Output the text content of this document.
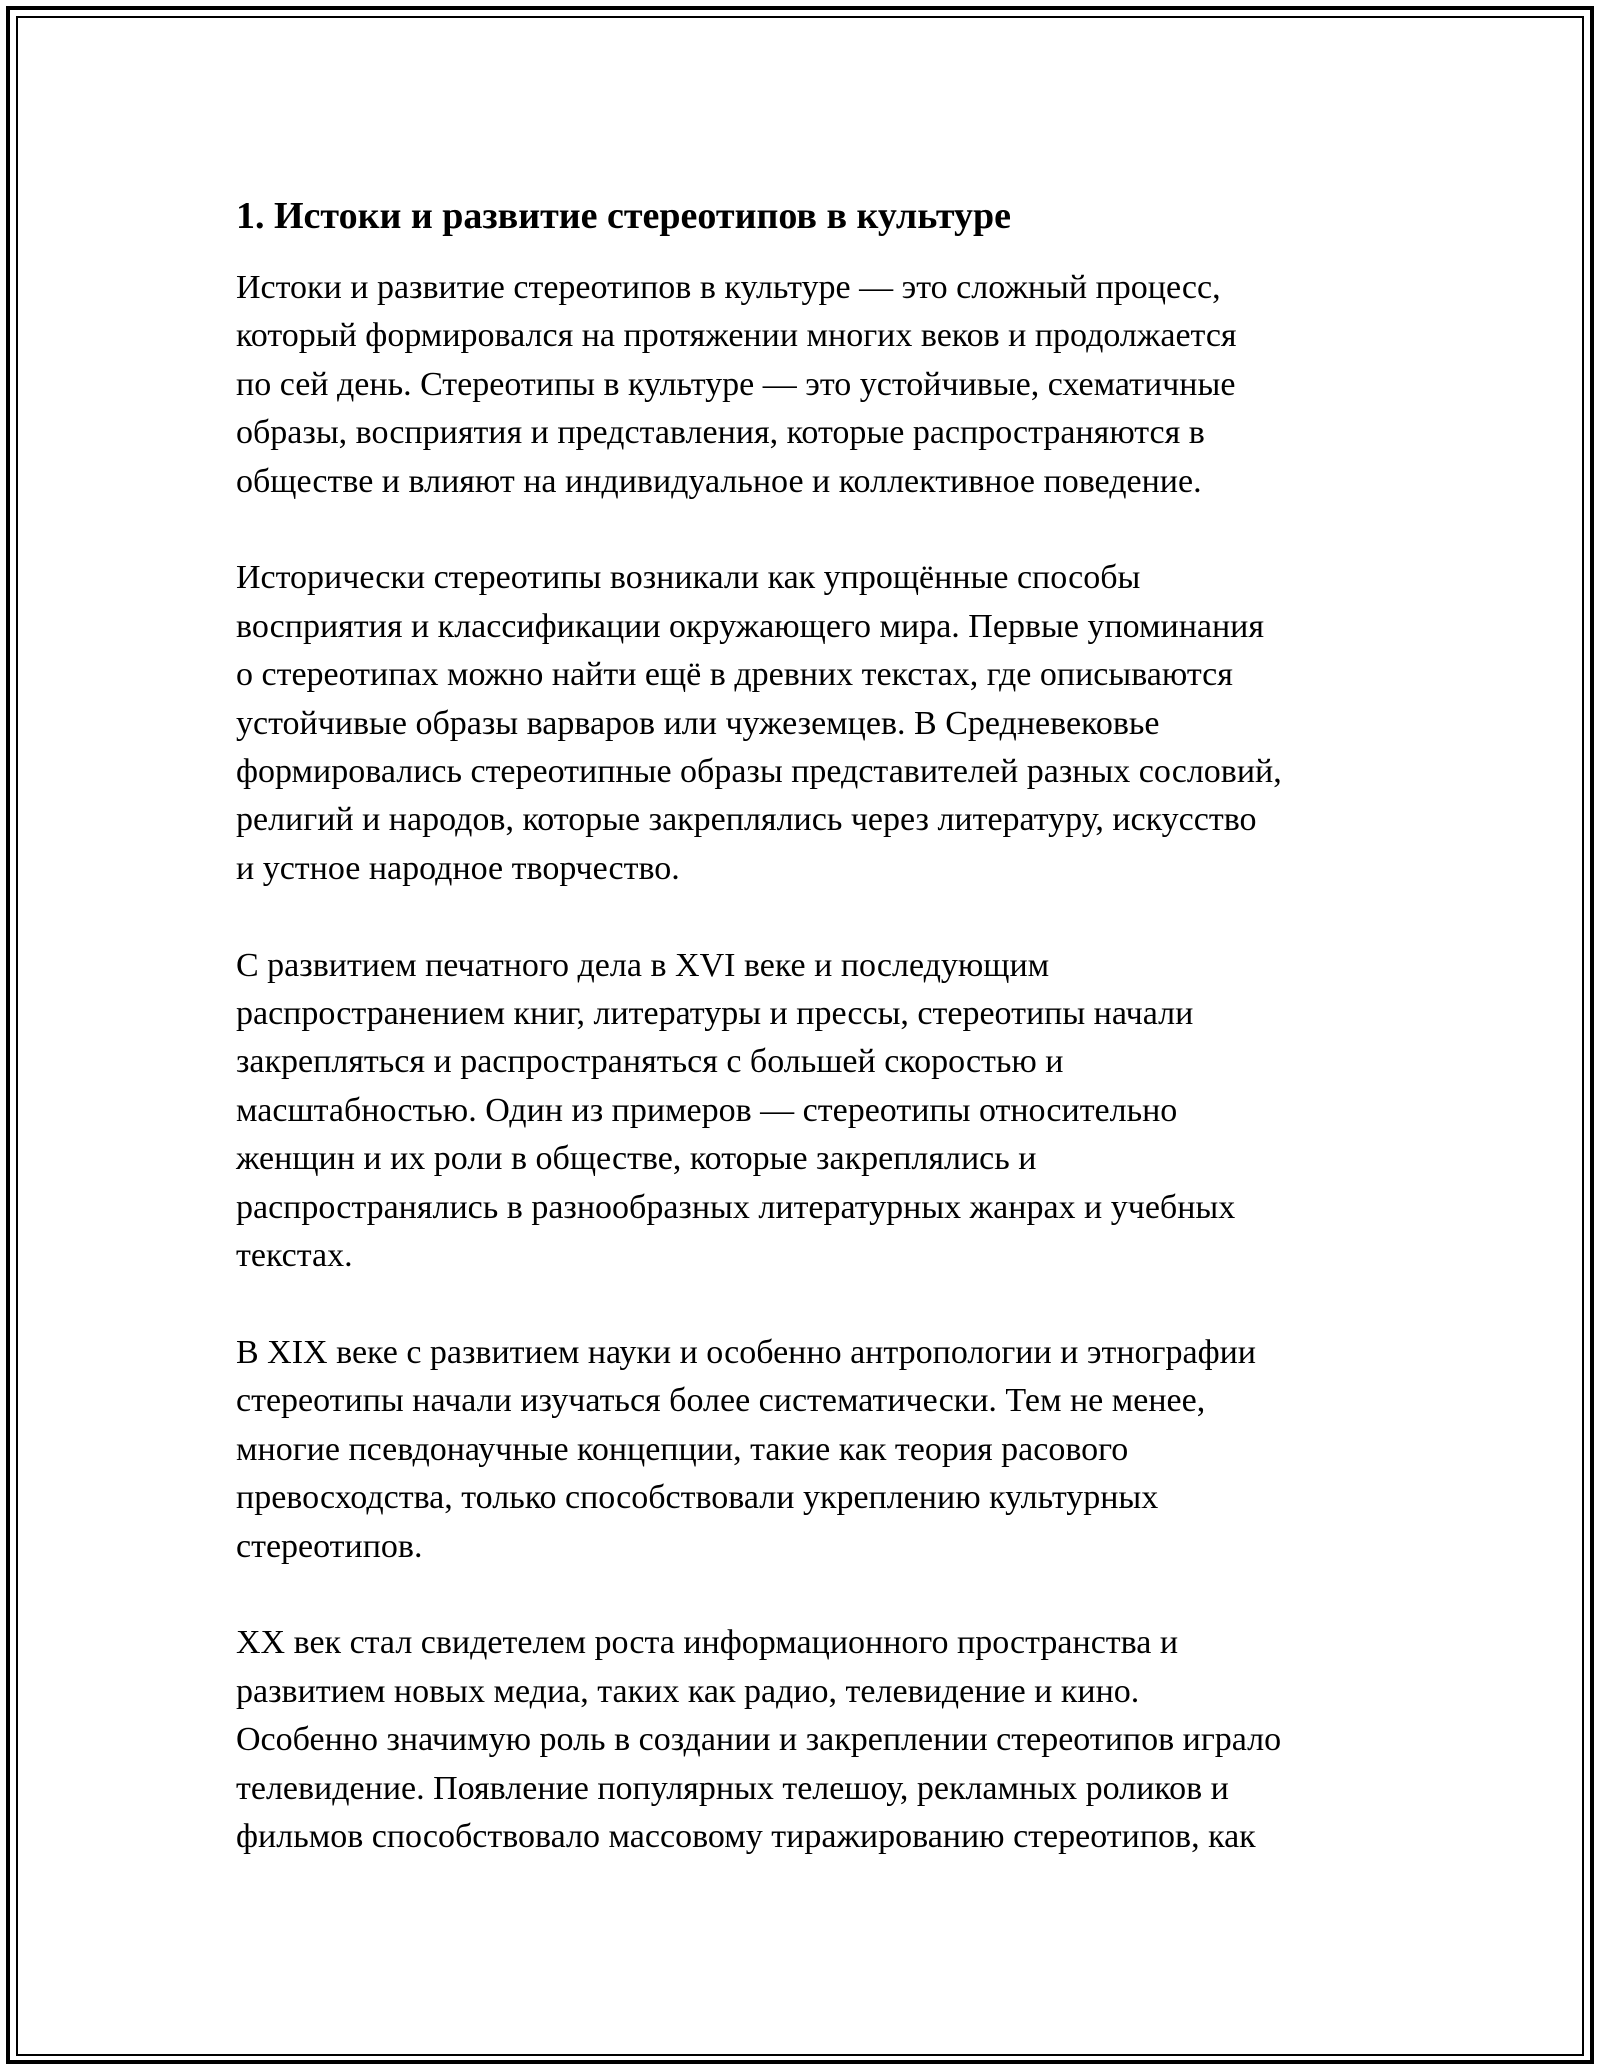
1. Истоки и развитие стереотипов в культуре
Истоки и развитие стереотипов в культуре — это сложный процесс,
который формировался на протяжении многих веков и продолжается
по сей день. Стереотипы в культуре — это устойчивые, схематичные
образы, восприятия и представления, которые распространяются в
обществе и влияют на индивидуальное и коллективное поведение.
Исторически стереотипы возникали как упрощённые способы
восприятия и классификации окружающего мира. Первые упоминания
о стереотипах можно найти ещё в древних текстах, где описываются
устойчивые образы варваров или чужеземцев. В Средневековье
формировались стереотипные образы представителей разных сословий,
религий и народов, которые закреплялись через литературу, искусство
и устное народное творчество.
С развитием печатного дела в XVI веке и последующим
распространением книг, литературы и прессы, стереотипы начали
закрепляться и распространяться с большей скоростью и
масштабностью. Один из примеров — стереотипы относительно
женщин и их роли в обществе, которые закреплялись и
распространялись в разнообразных литературных жанрах и учебных
текстах.
В XIX веке с развитием науки и особенно антропологии и этнографии
стереотипы начали изучаться более систематически. Тем не менее,
многие псевдонаучные концепции, такие как теория расового
превосходства, только способствовали укреплению культурных
стереотипов.
XX век стал свидетелем роста информационного пространства и
развитием новых медиа, таких как радио, телевидение и кино.
Особенно значимую роль в создании и закреплении стереотипов играло
телевидение. Появление популярных телешоу, рекламных роликов и
фильмов способствовало массовому тиражированию стереотипов, как
